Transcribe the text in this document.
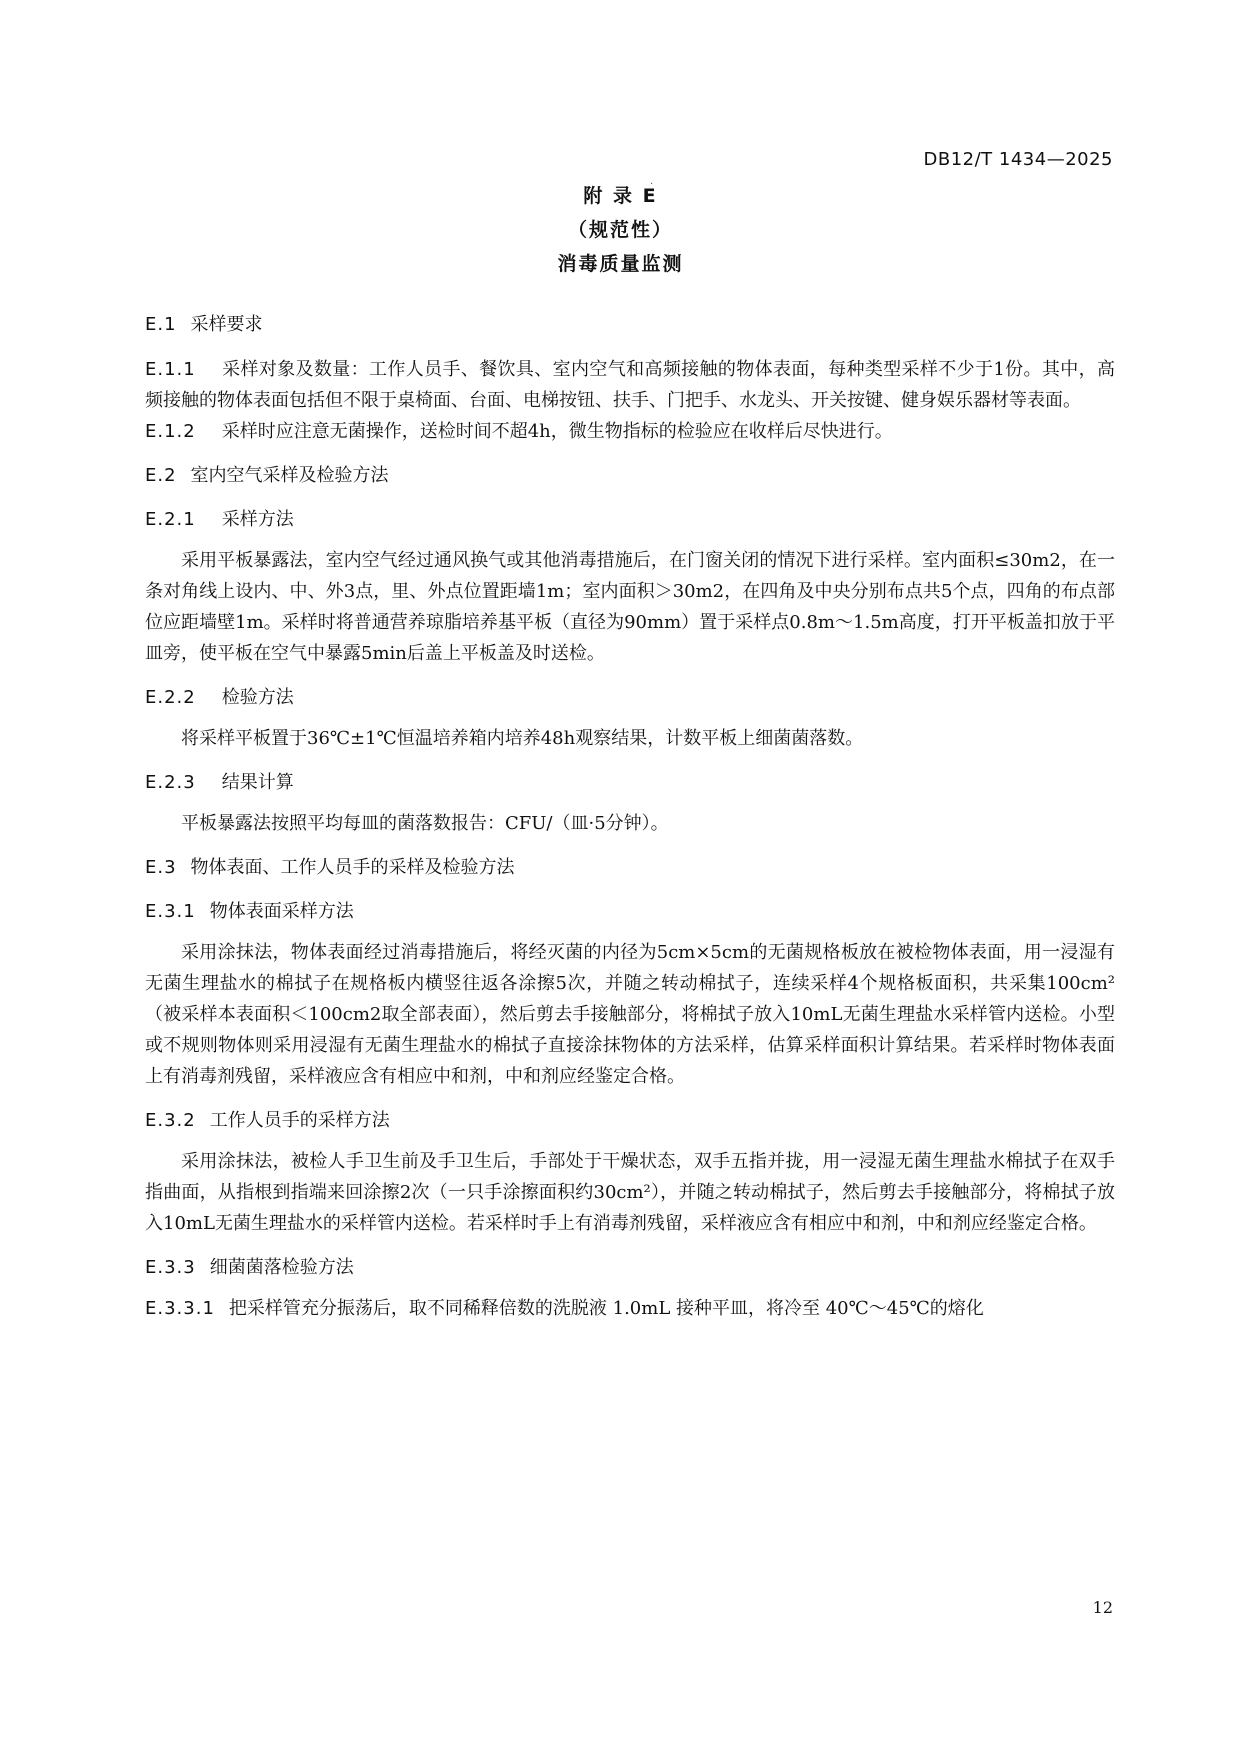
DB12/T 1434—2025
.
附 录 E
（规范性）
消毒质量监测
E.1 采样要求

E.1.1 采样对象及数量：工作人员手、餐饮具、室内空气和高频接触的物体表面，每种类型采样不少于1份。其中，高频接触的物体表面包括但不限于桌椅面、台面、电梯按钮、扶手、门把手、水龙头、开关按键、健身娱乐器材等表面。

E.1.2 采样时应注意无菌操作，送检时间不超4h，微生物指标的检验应在收样后尽快进行。

E.2 室内空气采样及检验方法
E.2.1 采样方法

采用平板暴露法，室内空气经过通风换气或其他消毒措施后，在门窗关闭的情况下进行采样。室内面积≤30m2，在一条对角线上设内、中、外3点，里、外点位置距墙1m；室内面积＞30m2，在四角及中央分别布点共5个点，四角的布点部位应距墙壁1m。采样时将普通营养琼脂培养基平板（直径为90mm）置于采样点0.8m～1.5m高度，打开平板盖扣放于平皿旁，使平板在空气中暴露5min后盖上平板盖及时送检。

E.2.2 检验方法

将采样平板置于36℃±1℃恒温培养箱内培养48h观察结果，计数平板上细菌菌落数。

E.2.3 结果计算

平板暴露法按照平均每皿的菌落数报告：CFU/（皿·5分钟）。

E.3 物体表面、工作人员手的采样及检验方法
E.3.1 物体表面采样方法

采用涂抹法，物体表面经过消毒措施后，将经灭菌的内径为5cm×5cm的无菌规格板放在被检物体表面，用一浸湿有无菌生理盐水的棉拭子在规格板内横竖往返各涂擦5次，并随之转动棉拭子，连续采样4个规格板面积，共采集100cm²（被采样本表面积＜100cm2取全部表面），然后剪去手接触部分，将棉拭子放入10mL无菌生理盐水采样管内送检。小型或不规则物体则采用浸湿有无菌生理盐水的棉拭子直接涂抹物体的方法采样，估算采样面积计算结果。若采样时物体表面上有消毒剂残留，采样液应含有相应中和剂，中和剂应经鉴定合格。

E.3.2 工作人员手的采样方法

采用涂抹法，被检人手卫生前及手卫生后，手部处于干燥状态，双手五指并拢，用一浸湿无菌生理盐水棉拭子在双手指曲面，从指根到指端来回涂擦2次（一只手涂擦面积约30cm²），并随之转动棉拭子，然后剪去手接触部分，将棉拭子放入10mL无菌生理盐水的采样管内送检。若采样时手上有消毒剂残留，采样液应含有相应中和剂，中和剂应经鉴定合格。

E.3.3 细菌菌落检验方法

E.3.3.1 把采样管充分振荡后，取不同稀释倍数的洗脱液 1.0mL 接种平皿，将冷至 40℃～45℃的熔化

12
